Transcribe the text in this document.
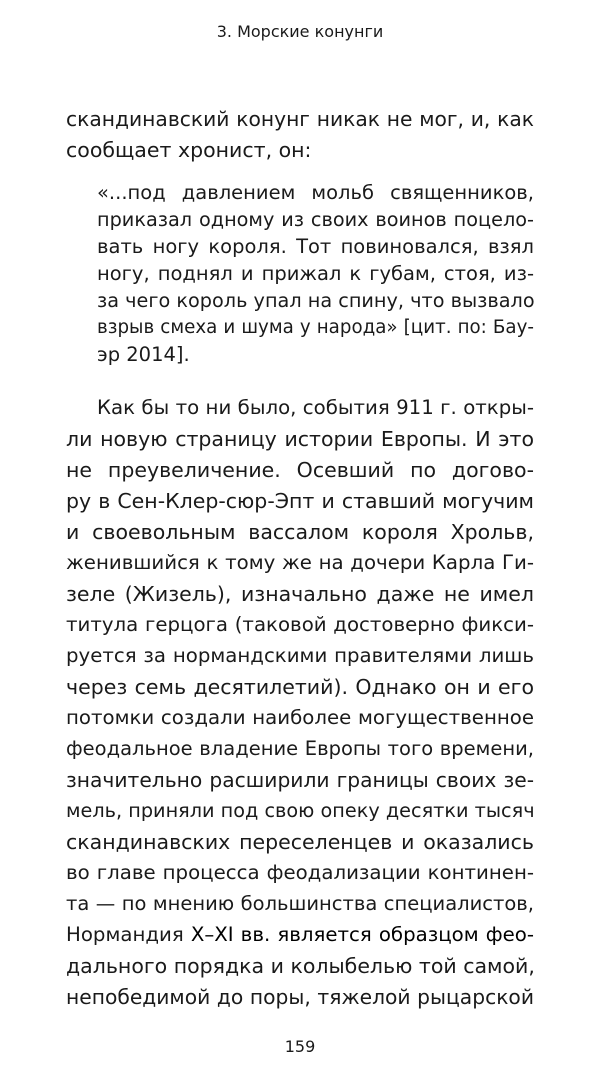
3. Морские конунги
скандинавский конунг никак не мог, и, как
сообщает хронист, он:
«...под давлением мольб священников,
приказал одному из своих воинов поцело-
вать ногу короля. Тот повиновался, взял
ногу, поднял и прижал к губам, стоя, из-
за чего король упал на спину, что вызвало
взрыв смеха и шума у народа» [цит. по: Бау-
эр 2014].
Как бы то ни было, события 911 г. откры-
ли новую страницу истории Европы. И это
не преувеличение. Осевший по догово-
ру в Сен-Клер-сюр-Эпт и ставший могучим
и своевольным вассалом короля Хрольв,
женившийся к тому же на дочери Карла Ги-
зеле (Жизель), изначально даже не имел
титула герцога (таковой достоверно фикси-
руется за нормандскими правителями лишь
через семь десятилетий). Однако он и его
потомки создали наиболее могущественное
феодальное владение Европы того времени,
значительно расширили границы своих зе-
мель, приняли под свою опеку десятки тысяч
скандинавских переселенцев и оказались
во главе процесса феодализации континен-
та — по мнению большинства специалистов,
Нормандия X–XI вв. является образцом фео-
дального порядка и колыбелью той самой,
непобедимой до поры, тяжелой рыцарской
159
